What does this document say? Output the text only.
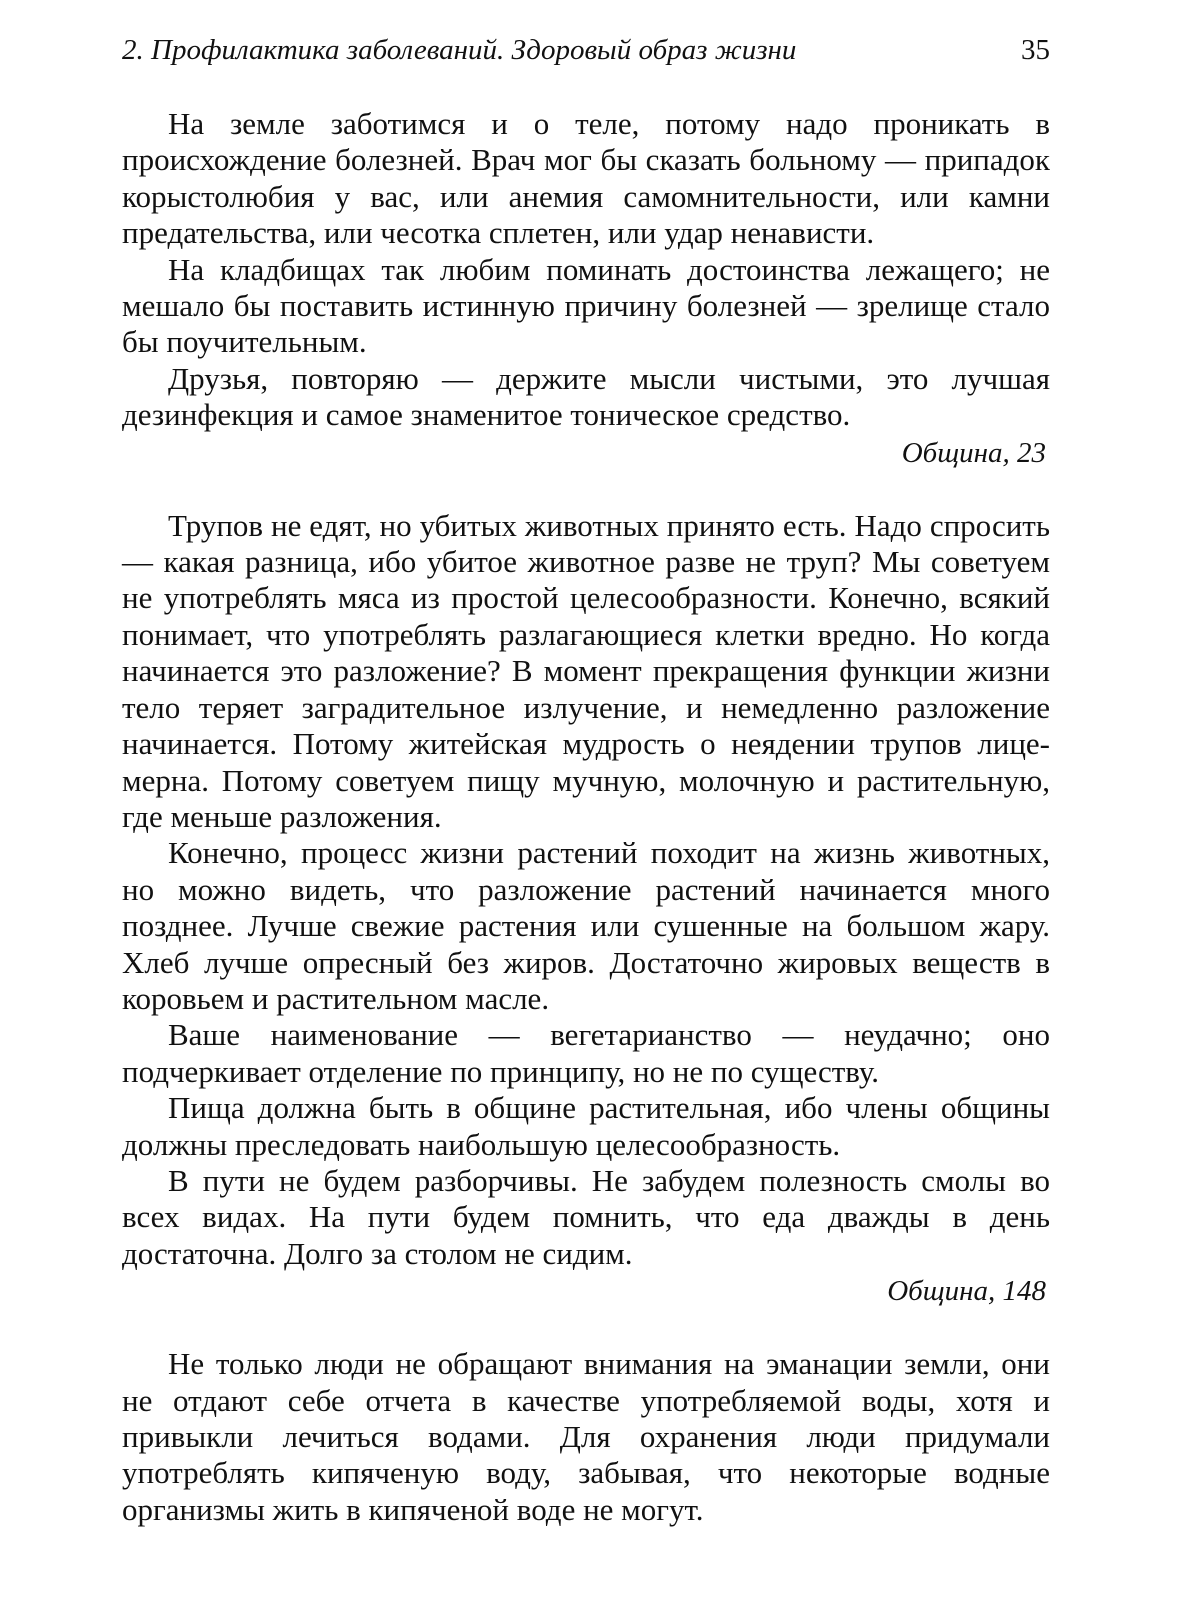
2. Профилактика заболеваний. Здоровый образ жизни	35

На земле заботимся и о теле, потому надо проникать в происхождение болезней. Врач мог бы сказать больному — припадок корыстолюбия у вас, или анемия самомнительности, или камни предательства, или чесотка сплетен, или удар ненависти.

На кладбищах так любим поминать достоинства лежащего; не мешало бы поставить истинную причину болезней — зрелище стало бы поучительным.

Друзья, повторяю — держите мысли чистыми, это лучшая дезинфекция и самое знаменитое тоническое средство.

Община, 23

Трупов не едят, но убитых животных принято есть. Надо спросить — какая разница, ибо убитое животное разве не труп? Мы советуем не употреблять мяса из простой целесообразности. Конечно, всякий понимает, что употреблять разлагающиеся клетки вредно. Но когда начинается это разложение? В момент прекращения функции жизни тело теряет заградительное излучение, и немедленно разложение начинается. Потому житейская мудрость о неядении трупов лицемерна. Потому советуем пищу мучную, молочную и растительную, где меньше разложения.

Конечно, процесс жизни растений походит на жизнь животных, но можно видеть, что разложение растений начинается много позднее. Лучше свежие растения или сушенные на большом жару. Хлеб лучше опресный без жиров. Достаточно жировых веществ в коровьем и растительном масле.

Ваше наименование — вегетарианство — неудачно; оно подчеркивает отделение по принципу, но не по существу.

Пища должна быть в общине растительная, ибо члены общины должны преследовать наибольшую целесообразность.

В пути не будем разборчивы. Не забудем полезность смолы во всех видах. На пути будем помнить, что еда дважды в день достаточна. Долго за столом не сидим.

Община, 148

Не только люди не обращают внимания на эманации земли, они не отдают себе отчета в качестве употребляемой воды, хотя и привыкли лечиться водами. Для охранения люди придумали употреблять кипяченую воду, забывая, что некоторые водные организмы жить в кипяченой воде не могут.
